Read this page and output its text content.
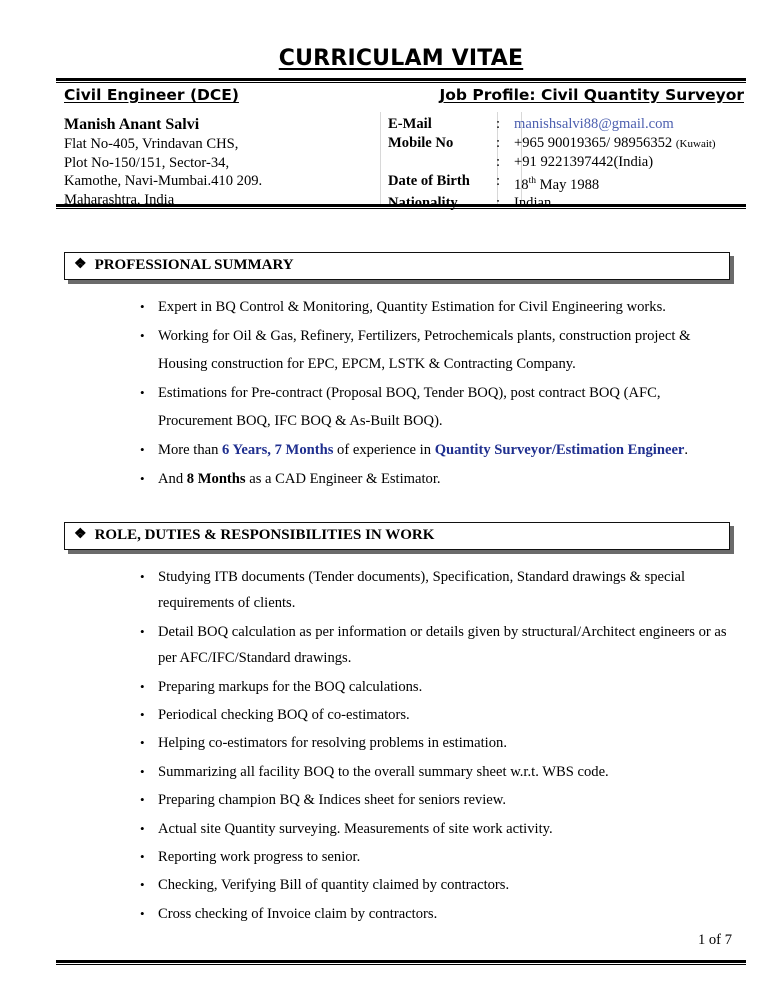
CURRICULAM VITAE
Civil Engineer (DCE)	Job Profile: Civil Quantity Surveyor
Manish Anant Salvi
Flat No-405, Vrindavan CHS,
Plot No-150/151, Sector-34,
Kamothe, Navi-Mumbai.410 209.
Maharashtra, India
E-Mail	:	manishsalvi88@gmail.com
Mobile No	:	+965 90019365/ 98956352 (Kuwait)
	:	+91 9221397442(India)
Date of Birth	:	18th May 1988
Nationality	:	Indian
❖ PROFESSIONAL SUMMARY
• Expert in BQ Control & Monitoring, Quantity Estimation for Civil Engineering works.
• Working for Oil & Gas, Refinery, Fertilizers, Petrochemicals plants, construction project & Housing construction for EPC, EPCM, LSTK & Contracting Company.
• Estimations for Pre-contract (Proposal BOQ, Tender BOQ), post contract BOQ (AFC, Procurement BOQ, IFC BOQ & As-Built BOQ).
• More than 6 Years, 7 Months of experience in Quantity Surveyor/Estimation Engineer.
• And 8 Months as a CAD Engineer & Estimator.
❖ ROLE, DUTIES & RESPONSIBILITIES IN WORK
• Studying ITB documents (Tender documents), Specification, Standard drawings & special requirements of clients.
• Detail BOQ calculation as per information or details given by structural/Architect engineers or as per AFC/IFC/Standard drawings.
• Preparing markups for the BOQ calculations.
• Periodical checking BOQ of co-estimators.
• Helping co-estimators for resolving problems in estimation.
• Summarizing all facility BOQ to the overall summary sheet w.r.t. WBS code.
• Preparing champion BQ & Indices sheet for seniors review.
• Actual site Quantity surveying. Measurements of site work activity.
• Reporting work progress to senior.
• Checking, Verifying Bill of quantity claimed by contractors.
• Cross checking of Invoice claim by contractors.
1 of 7
